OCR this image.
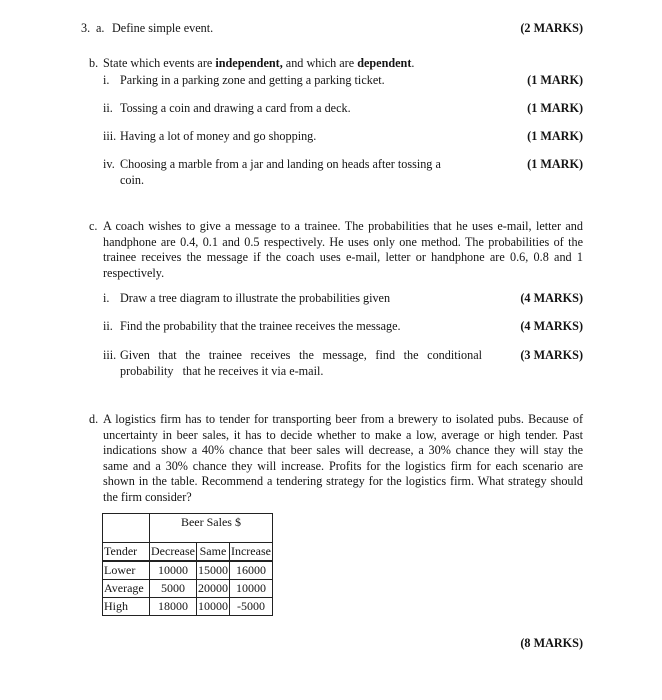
3. a. Define simple event.	(2 MARKS)
b. State which events are independent, and which are dependent.
i. Parking in a parking zone and getting a parking ticket.	(1 MARK)
ii. Tossing a coin and drawing a card from a deck.	(1 MARK)
iii. Having a lot of money and go shopping.	(1 MARK)
iv. Choosing a marble from a jar and landing on heads after tossing a
coin.
(1 MARK)
c. A coach wishes to give a message to a trainee. The probabilities that he uses e-mail, letter and handphone are 0.4, 0.1 and 0.5 respectively. He uses only one method. The probabilities of the trainee receives the message if the coach uses e-mail, letter or handphone are 0.6, 0.8 and 1 respectively.
i. Draw a tree diagram to illustrate the probabilities given	(4 MARKS)
ii. Find the probability that the trainee receives the message.	(4 MARKS)
iii. Given that the trainee receives the message, find the conditional
probability   that he receives it via e-mail.
(3 MARKS)
d. A logistics firm has to tender for transporting beer from a brewery to isolated pubs. Because of uncertainty in beer sales, it has to decide whether to make a low, average or high tender. Past indications show a 40% chance that beer sales will decrease, a 30% chance they will stay the same and a 30% chance they will increase. Profits for the logistics firm for each scenario are shown in the table. Recommend a tendering strategy for the logistics firm. What strategy should the firm consider?
	Beer Sales $		
Tender	Decrease	Same	Increase
Lower	10000	15000	16000
Average	5000	20000	10000
High	18000	10000	-5000
(8 MARKS)
